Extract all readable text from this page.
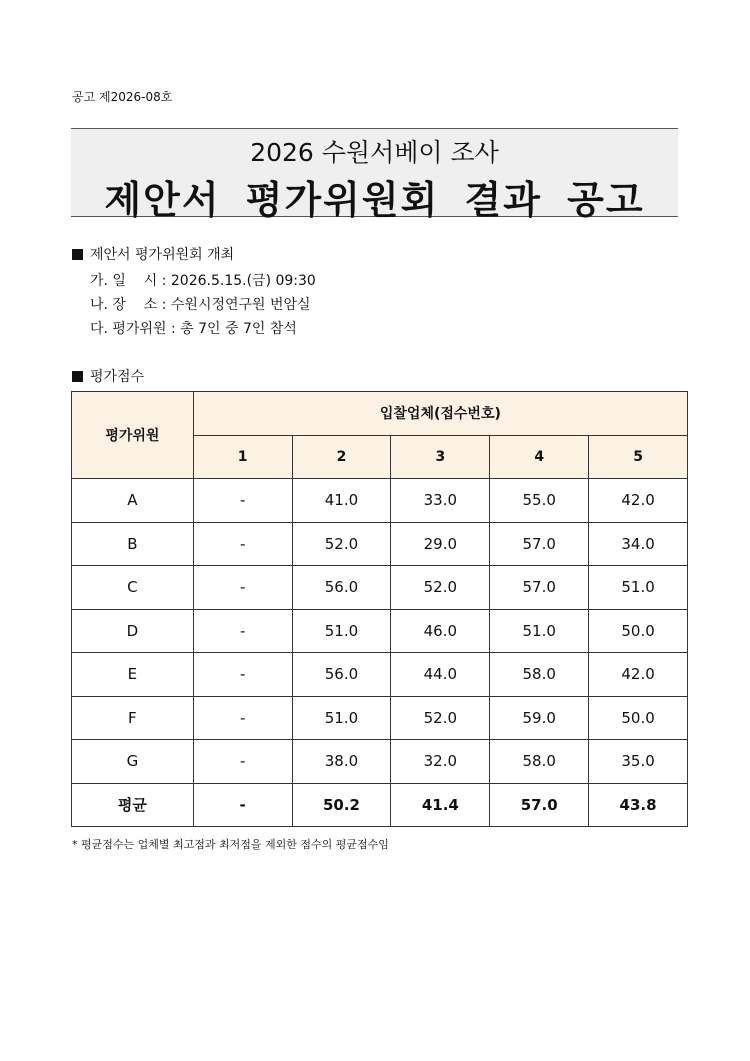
공고 제2026-08호
2026 수원서베이 조사
제안서 평가위원회 결과 공고
제안서 평가위원회 개최
가. 일    시 : 2026.5.15.(금) 09:30
나. 장    소 : 수원시정연구원 번암실
다. 평가위원 : 총 7인 중 7인 참석
평가점수
평가위원	입찰업체(접수번호)				
	1	2	3	4	5
A	-	41.0	33.0	55.0	42.0
B	-	52.0	29.0	57.0	34.0
C	-	56.0	52.0	57.0	51.0
D	-	51.0	46.0	51.0	50.0
E	-	56.0	44.0	58.0	42.0
F	-	51.0	52.0	59.0	50.0
G	-	38.0	32.0	58.0	35.0
평균	-	50.2	41.4	57.0	43.8
* 평균점수는 업체별 최고점과 최저점을 제외한 점수의 평균점수임
